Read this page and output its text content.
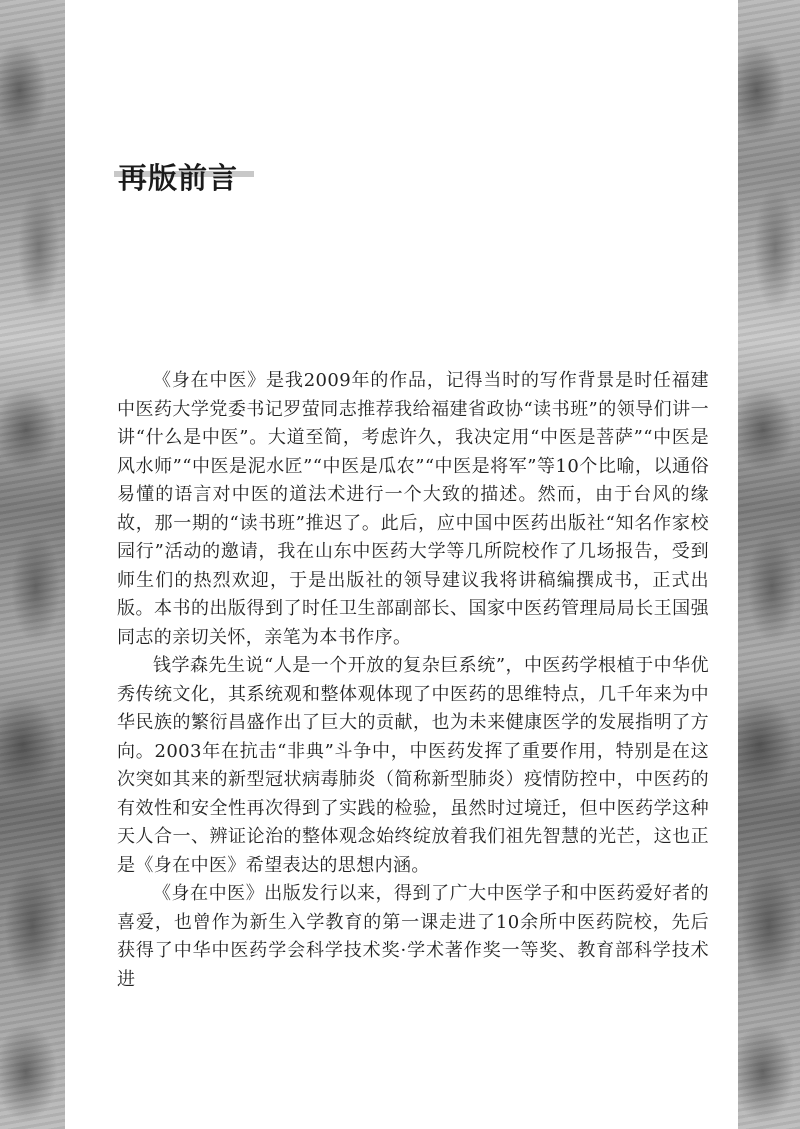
再版前言

《身在中医》是我2009年的作品，记得当时的写作背景是时任福建中医药大学党委书记罗萤同志推荐我给福建省政协“读书班”的领导们讲一讲“什么是中医”。大道至简，考虑许久，我决定用“中医是菩萨”“中医是风水师”“中医是泥水匠”“中医是瓜农”“中医是将军”等10个比喻，以通俗易懂的语言对中医的道法术进行一个大致的描述。然而，由于台风的缘故，那一期的“读书班”推迟了。此后，应中国中医药出版社“知名作家校园行”活动的邀请，我在山东中医药大学等几所院校作了几场报告，受到师生们的热烈欢迎，于是出版社的领导建议我将讲稿编撰成书，正式出版。本书的出版得到了时任卫生部副部长、国家中医药管理局局长王国强同志的亲切关怀，亲笔为本书作序。

钱学森先生说“人是一个开放的复杂巨系统”，中医药学根植于中华优秀传统文化，其系统观和整体观体现了中医药的思维特点，几千年来为中华民族的繁衍昌盛作出了巨大的贡献，也为未来健康医学的发展指明了方向。2003年在抗击“非典”斗争中，中医药发挥了重要作用，特别是在这次突如其来的新型冠状病毒肺炎（简称新型肺炎）疫情防控中，中医药的有效性和安全性再次得到了实践的检验，虽然时过境迁，但中医药学这种天人合一、辨证论治的整体观念始终绽放着我们祖先智慧的光芒，这也正是《身在中医》希望表达的思想内涵。

《身在中医》出版发行以来，得到了广大中医学子和中医药爱好者的喜爱，也曾作为新生入学教育的第一课走进了10余所中医药院校，先后获得了中华中医药学会科学技术奖·学术著作奖一等奖、教育部科学技术进
